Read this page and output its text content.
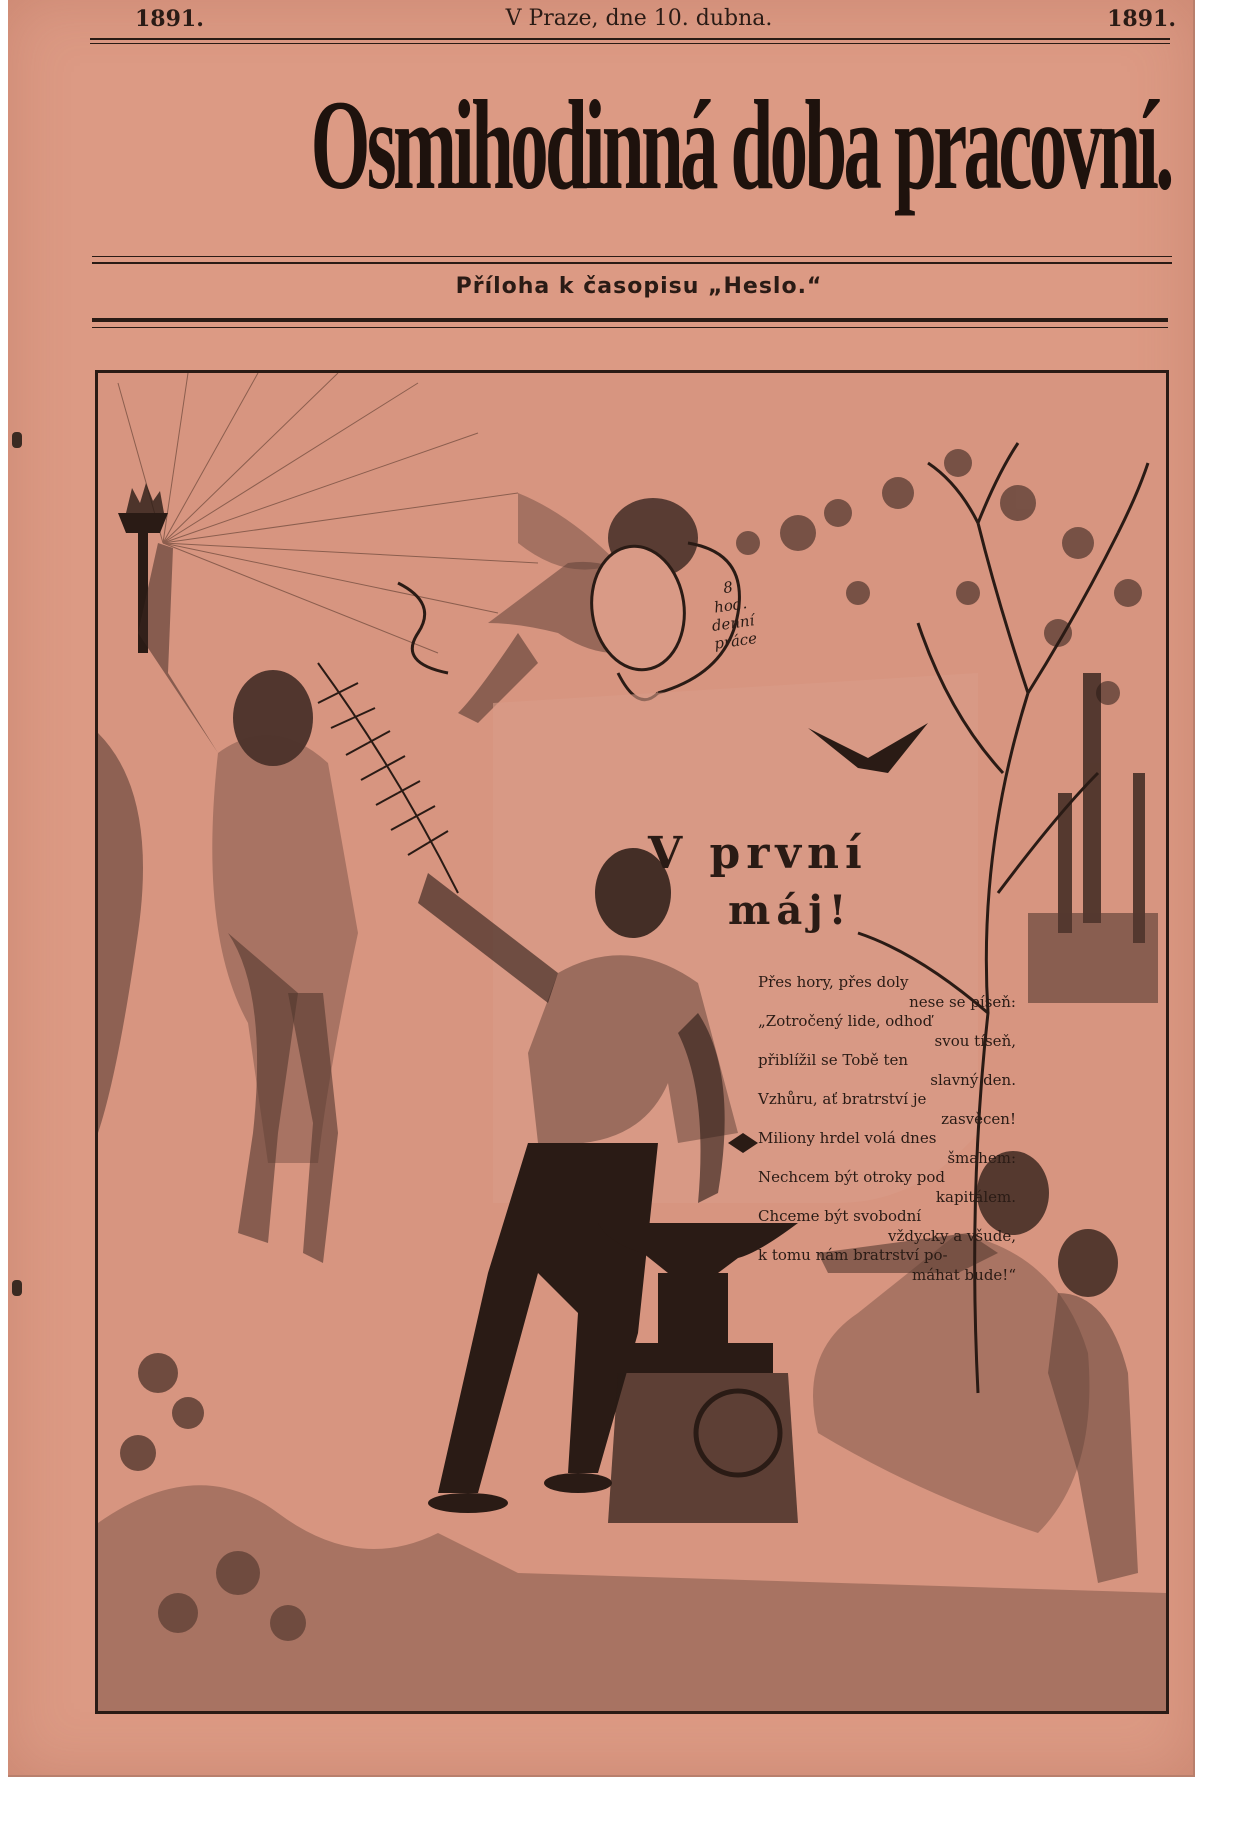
1891.	V Praze, dne 10. dubna.	1891.
Osmihodinná doba pracovní.
Příloha k časopisu „Heslo.“
8
hod.
denní
práce
V první
máj!
Přes hory, přes doly
nese se píseň:
„Zotročený lide, odhoď
svou tíseň,
přiblížil se Tobě ten
slavný den.
Vzhůru, ať bratrství je
zasvěcen!
Miliony hrdel volá dnes
šmahem:
Nechcem být otroky pod
kapitálem.
Chceme být svobodní
vždycky a všude,
k tomu nám bratrství po-
máhat bude!“
